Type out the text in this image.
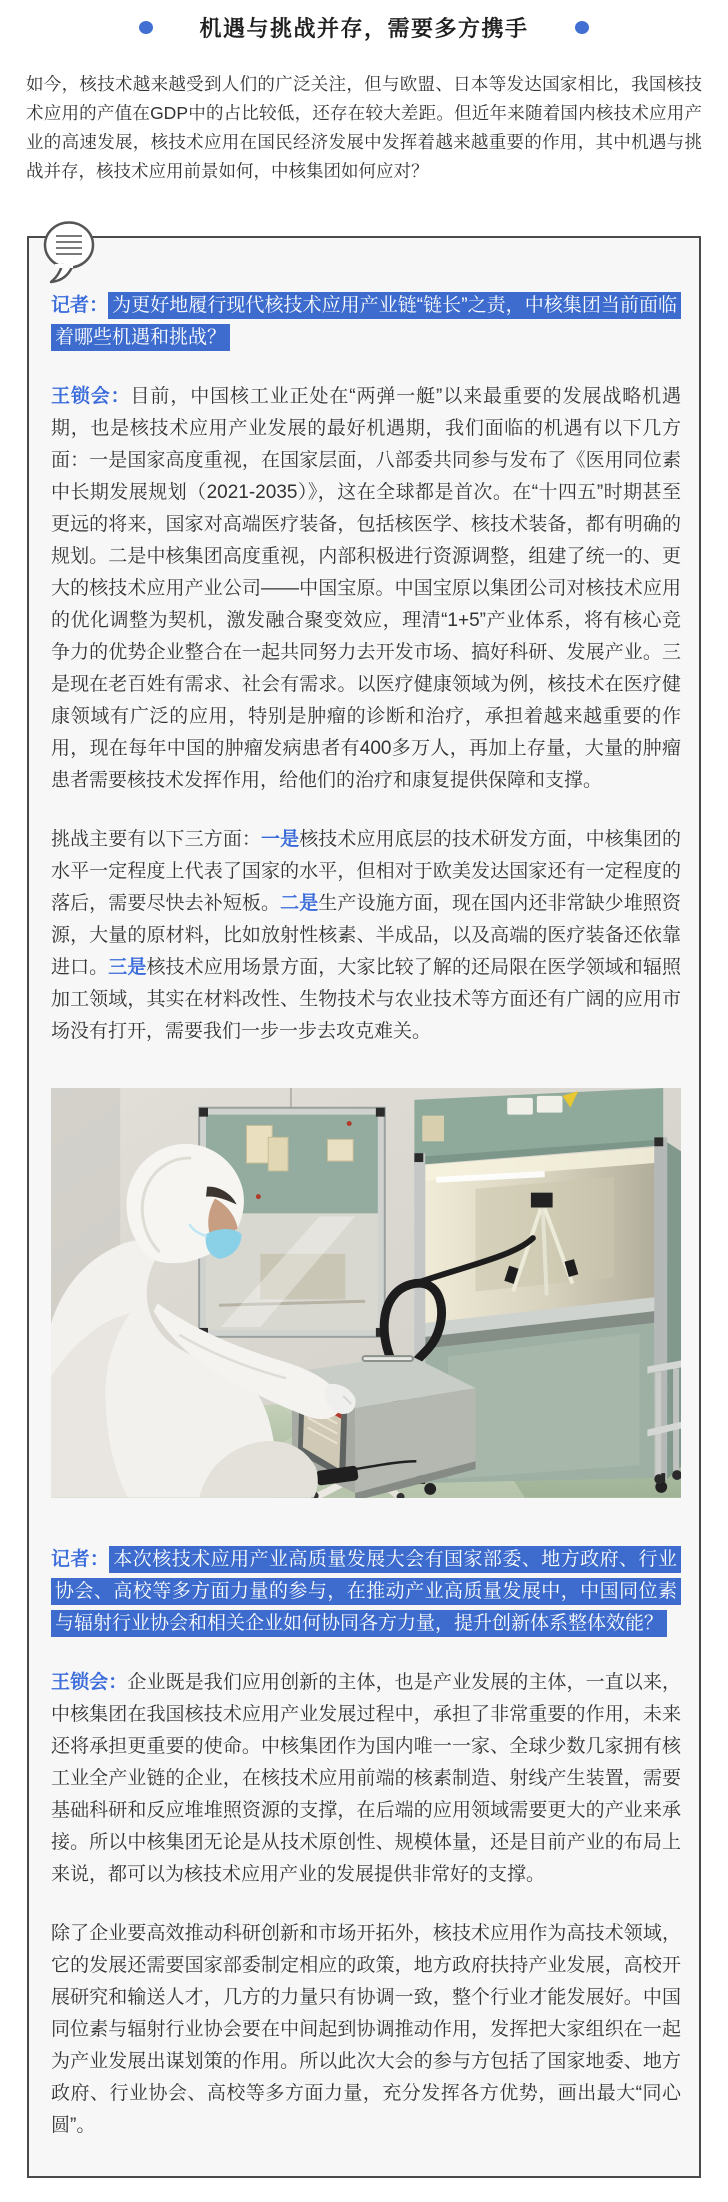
机遇与挑战并存，需要多方携手

如今，核技术越来越受到人们的广泛关注，但与欧盟、日本等发达国家相比，我国核技术应用的产值在GDP中的占比较低，还存在较大差距。但近年来随着国内核技术应用产业的高速发展，核技术应用在国民经济发展中发挥着越来越重要的作用，其中机遇与挑战并存，核技术应用前景如何，中核集团如何应对？

记者： 为更好地履行现代核技术应用产业链“链长”之责，中核集团当前面临着哪些机遇和挑战？

王锁会：目前，中国核工业正处在“两弹一艇”以来最重要的发展战略机遇期，也是核技术应用产业发展的最好机遇期，我们面临的机遇有以下几方面：一是国家高度重视，在国家层面，八部委共同参与发布了《医用同位素中长期发展规划（2021-2035）》，这在全球都是首次。在“十四五”时期甚至更远的将来，国家对高端医疗装备，包括核医学、核技术装备，都有明确的规划。二是中核集团高度重视，内部积极进行资源调整，组建了统一的、更大的核技术应用产业公司——中国宝原。中国宝原以集团公司对核技术应用的优化调整为契机，激发融合聚变效应，理清“1+5”产业体系，将有核心竞争力的优势企业整合在一起共同努力去开发市场、搞好科研、发展产业。三是现在老百姓有需求、社会有需求。以医疗健康领域为例，核技术在医疗健康领域有广泛的应用，特别是肿瘤的诊断和治疗，承担着越来越重要的作用，现在每年中国的肿瘤发病患者有400多万人，再加上存量，大量的肿瘤患者需要核技术发挥作用，给他们的治疗和康复提供保障和支撑。

挑战主要有以下三方面：一是核技术应用底层的技术研发方面，中核集团的水平一定程度上代表了国家的水平，但相对于欧美发达国家还有一定程度的落后，需要尽快去补短板。二是生产设施方面，现在国内还非常缺少堆照资源，大量的原材料，比如放射性核素、半成品，以及高端的医疗装备还依靠进口。三是核技术应用场景方面，大家比较了解的还局限在医学领域和辐照加工领域，其实在材料改性、生物技术与农业技术等方面还有广阔的应用市场没有打开，需要我们一步一步去攻克难关。

记者： 本次核技术应用产业高质量发展大会有国家部委、地方政府、行业协会、高校等多方面力量的参与，在推动产业高质量发展中，中国同位素与辐射行业协会和相关企业如何协同各方力量，提升创新体系整体效能？

王锁会：企业既是我们应用创新的主体，也是产业发展的主体，一直以来，中核集团在我国核技术应用产业发展过程中，承担了非常重要的作用，未来还将承担更重要的使命。中核集团作为国内唯一一家、全球少数几家拥有核工业全产业链的企业，在核技术应用前端的核素制造、射线产生装置，需要基础科研和反应堆堆照资源的支撑，在后端的应用领域需要更大的产业来承接。所以中核集团无论是从技术原创性、规模体量，还是目前产业的布局上来说，都可以为核技术应用产业的发展提供非常好的支撑。

除了企业要高效推动科研创新和市场开拓外，核技术应用作为高技术领域，它的发展还需要国家部委制定相应的政策，地方政府扶持产业发展，高校开展研究和输送人才，几方的力量只有协调一致，整个行业才能发展好。中国同位素与辐射行业协会要在中间起到协调推动作用，发挥把大家组织在一起为产业发展出谋划策的作用。所以此次大会的参与方包括了国家地委、地方政府、行业协会、高校等多方面力量，充分发挥各方优势，画出最大“同心圆”。
